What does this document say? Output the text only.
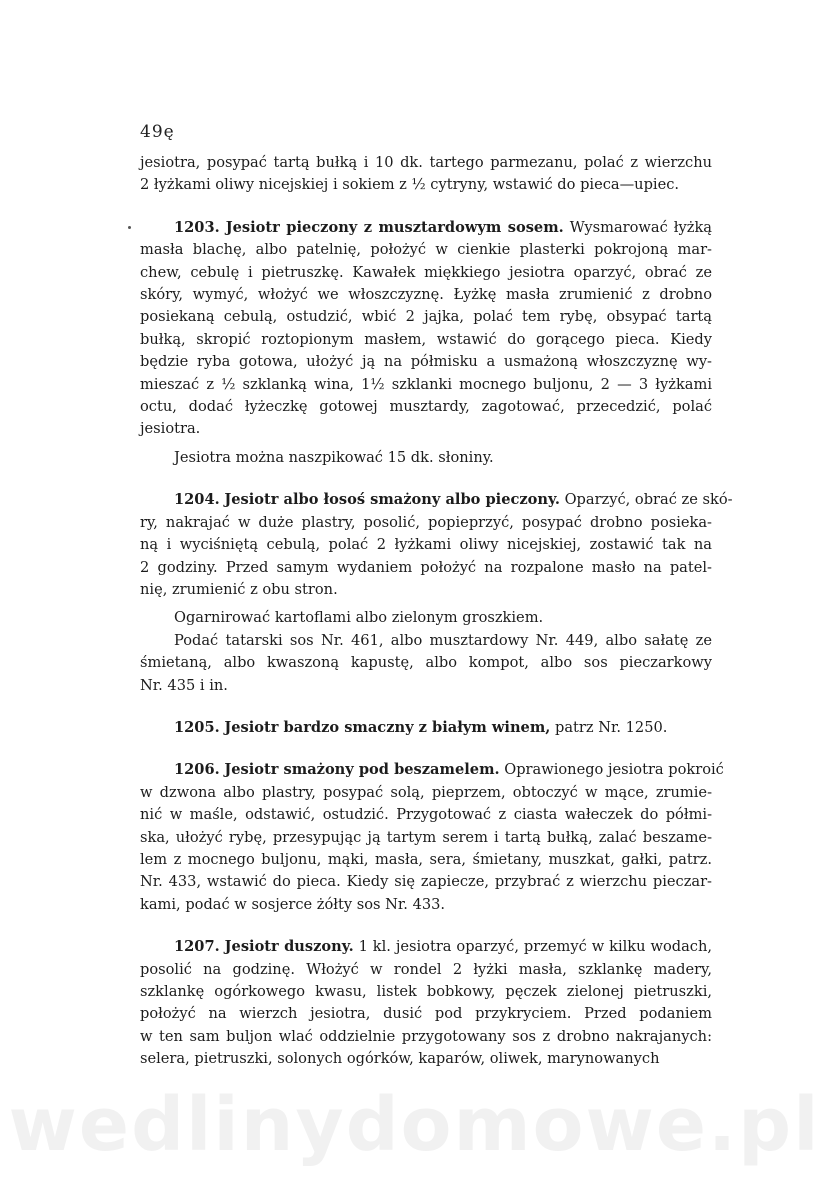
49ę

jesiotra, posypać tartą bułką i 10 dk. tartego parmezanu, polać z wierzchu
2 łyżkami oliwy nicejskiej i sokiem z ½ cytryny, wstawić do pieca—upiec.

1203. Jesiotr pieczony z musztardowym sosem. Wysmarować łyżką
masła blachę, albo patelnię, położyć w cienkie plasterki pokrojoną mar-
chew, cebulę i pietruszkę. Kawałek miękkiego jesiotra oparzyć, obrać ze
skóry, wymyć, włożyć we włoszczyznę. Łyżkę masła zrumienić z drobno
posiekaną cebulą, ostudzić, wbić 2 jajka, polać tem rybę, obsypać tartą
bułką, skropić roztopionym masłem, wstawić do gorącego pieca. Kiedy
będzie ryba gotowa, ułożyć ją na półmisku a usmażoną włoszczyznę wy-
mieszać z ½ szklanką wina, 1½ szklanki mocnego buljonu, 2 — 3 łyżkami
octu, dodać łyżeczkę gotowej musztardy, zagotować, przecedzić, polać
jesiotra.

Jesiotra można naszpikować 15 dk. słoniny.

1204. Jesiotr albo łosoś smażony albo pieczony. Oparzyć, obrać ze skó-
ry, nakrajać w duże plastry, posolić, popieprzyć, posypać drobno posieka-
ną i wyciśniętą cebulą, polać 2 łyżkami oliwy nicejskiej, zostawić tak na
2 godziny. Przed samym wydaniem położyć na rozpalone masło na patel-
nię, zrumienić z obu stron.

Ogarnirować kartoflami albo zielonym groszkiem.
Podać tatarski sos Nr. 461, albo musztardowy Nr. 449, albo sałatę ze
śmietaną, albo kwaszoną kapustę, albo kompot, albo sos pieczarkowy
Nr. 435 i in.

1205. Jesiotr bardzo smaczny z białym winem, patrz Nr. 1250.

1206. Jesiotr smażony pod beszamelem. Oprawionego jesiotra pokroić
w dzwona albo plastry, posypać solą, pieprzem, obtoczyć w mące, zrumie-
nić w maśle, odstawić, ostudzić. Przygotować z ciasta wałeczek do półmi-
ska, ułożyć rybę, przesypując ją tartym serem i tartą bułką, zalać beszame-
lem z mocnego buljonu, mąki, masła, sera, śmietany, muszkat, gałki, patrz.
Nr. 433, wstawić do pieca. Kiedy się zapiecze, przybrać z wierzchu pieczar-
kami, podać w sosjerce żółty sos Nr. 433.

1207. Jesiotr duszony. 1 kl. jesiotra oparzyć, przemyć w kilku wodach,
posolić na godzinę. Włożyć w rondel 2 łyżki masła, szklankę madery,
szklankę ogórkowego kwasu, listek bobkowy, pęczek zielonej pietruszki,
położyć na wierzch jesiotra, dusić pod przykryciem. Przed podaniem
w ten sam buljon wlać oddzielnie przygotowany sos z drobno nakrajanych:
selera, pietruszki, solonych ogórków, kaparów, oliwek, marynowanych

wedlinydomowe.pl
